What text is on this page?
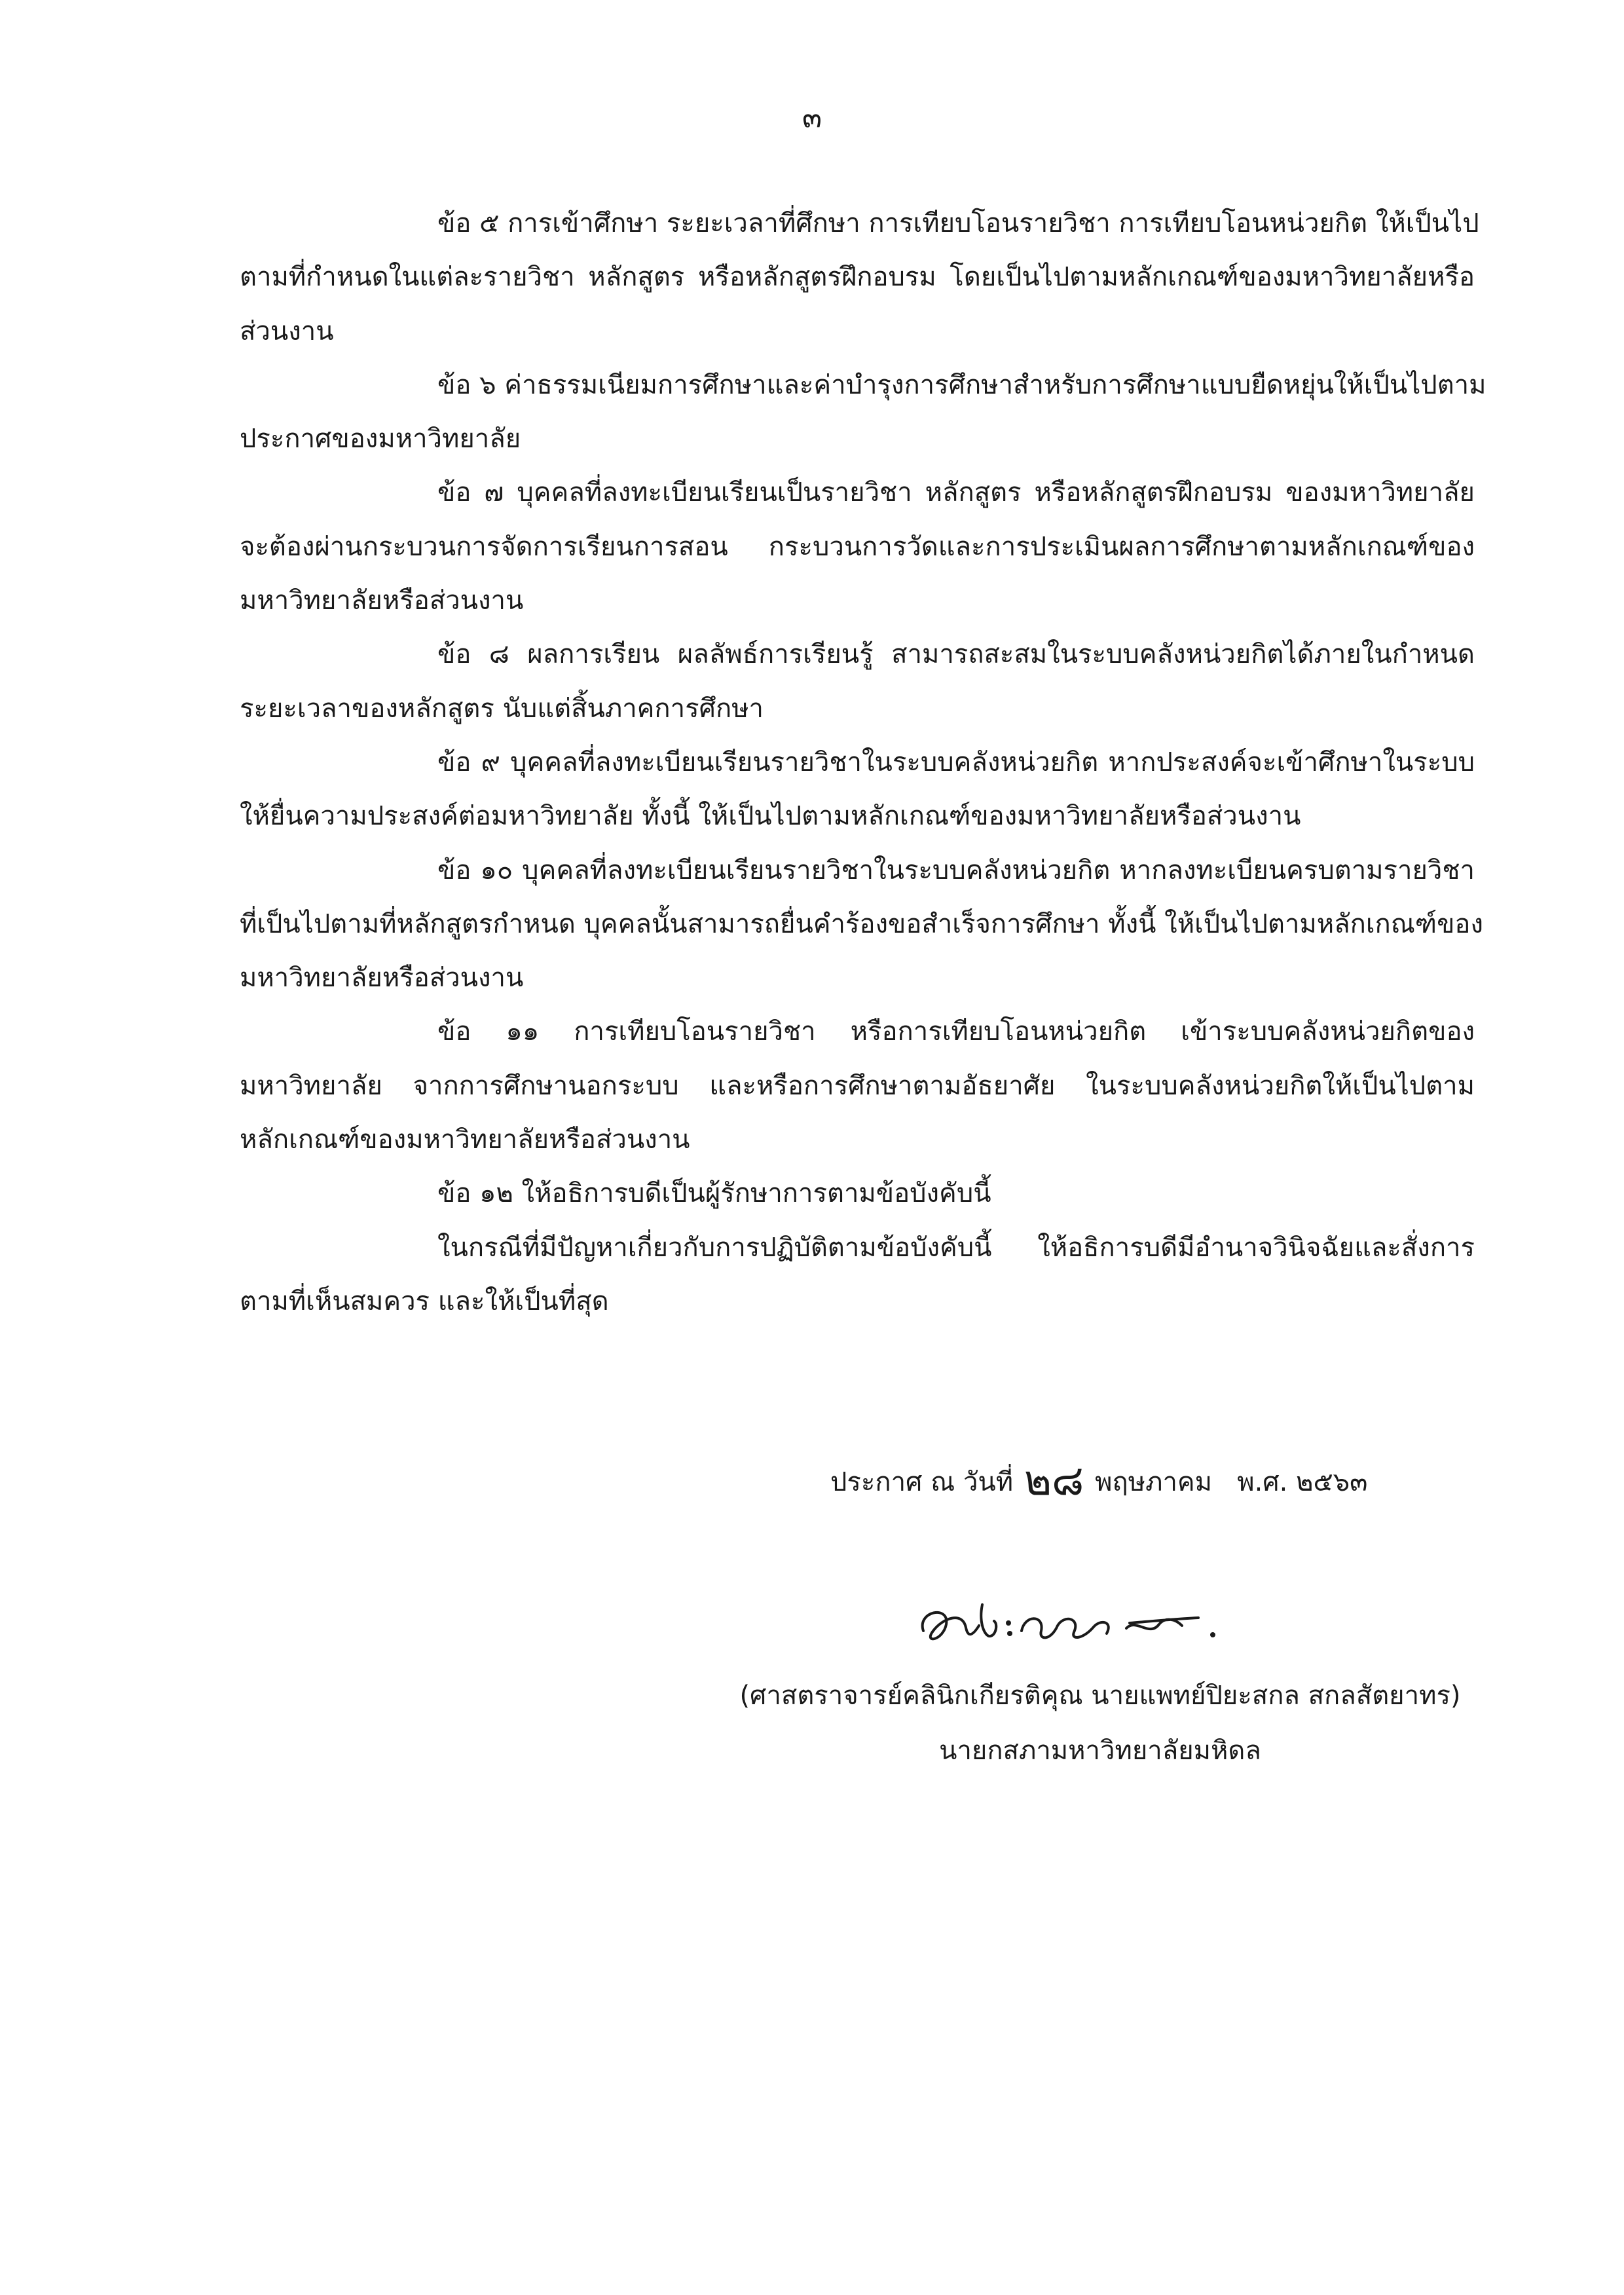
๓

ข้อ ๕ การเข้าศึกษา ระยะเวลาที่ศึกษา การเทียบโอนรายวิชา การเทียบโอนหน่วยกิต ให้เป็นไป
ตามที่กำหนดในแต่ละรายวิชา หลักสูตร หรือหลักสูตรฝึกอบรม โดยเป็นไปตามหลักเกณฑ์ของมหาวิทยาลัยหรือ
ส่วนงาน

ข้อ ๖ ค่าธรรมเนียมการศึกษาและค่าบำรุงการศึกษาสำหรับการศึกษาแบบยืดหยุ่นให้เป็นไปตาม
ประกาศของมหาวิทยาลัย

ข้อ ๗ บุคคลที่ลงทะเบียนเรียนเป็นรายวิชา หลักสูตร หรือหลักสูตรฝึกอบรม ของมหาวิทยาลัย
จะต้องผ่านกระบวนการจัดการเรียนการสอน กระบวนการวัดและการประเมินผลการศึกษาตามหลักเกณฑ์ของ
มหาวิทยาลัยหรือส่วนงาน

ข้อ ๘ ผลการเรียน ผลลัพธ์การเรียนรู้ สามารถสะสมในระบบคลังหน่วยกิตได้ภายในกำหนด
ระยะเวลาของหลักสูตร นับแต่สิ้นภาคการศึกษา

ข้อ ๙ บุคคลที่ลงทะเบียนเรียนรายวิชาในระบบคลังหน่วยกิต หากประสงค์จะเข้าศึกษาในระบบ
ให้ยื่นความประสงค์ต่อมหาวิทยาลัย ทั้งนี้ ให้เป็นไปตามหลักเกณฑ์ของมหาวิทยาลัยหรือส่วนงาน

ข้อ ๑๐ บุคคลที่ลงทะเบียนเรียนรายวิชาในระบบคลังหน่วยกิต หากลงทะเบียนครบตามรายวิชา
ที่เป็นไปตามที่หลักสูตรกำหนด บุคคลนั้นสามารถยื่นคำร้องขอสำเร็จการศึกษา ทั้งนี้ ให้เป็นไปตามหลักเกณฑ์ของ
มหาวิทยาลัยหรือส่วนงาน

ข้อ ๑๑ การเทียบโอนรายวิชา หรือการเทียบโอนหน่วยกิต เข้าระบบคลังหน่วยกิตของ
มหาวิทยาลัย จากการศึกษานอกระบบ และหรือการศึกษาตามอัธยาศัย ในระบบคลังหน่วยกิตให้เป็นไปตาม
หลักเกณฑ์ของมหาวิทยาลัยหรือส่วนงาน

ข้อ ๑๒ ให้อธิการบดีเป็นผู้รักษาการตามข้อบังคับนี้

ในกรณีที่มีปัญหาเกี่ยวกับการปฏิบัติตามข้อบังคับนี้ ให้อธิการบดีมีอำนาจวินิจฉัยและสั่งการ
ตามที่เห็นสมควร และให้เป็นที่สุด

ประกาศ ณ วันที่ ๒๘ พฤษภาคม พ.ศ. ๒๕๖๓
(ศาสตราจารย์คลินิกเกียรติคุณ นายแพทย์ปิยะสกล สกลสัตยาทร)
นายกสภามหาวิทยาลัยมหิดล
